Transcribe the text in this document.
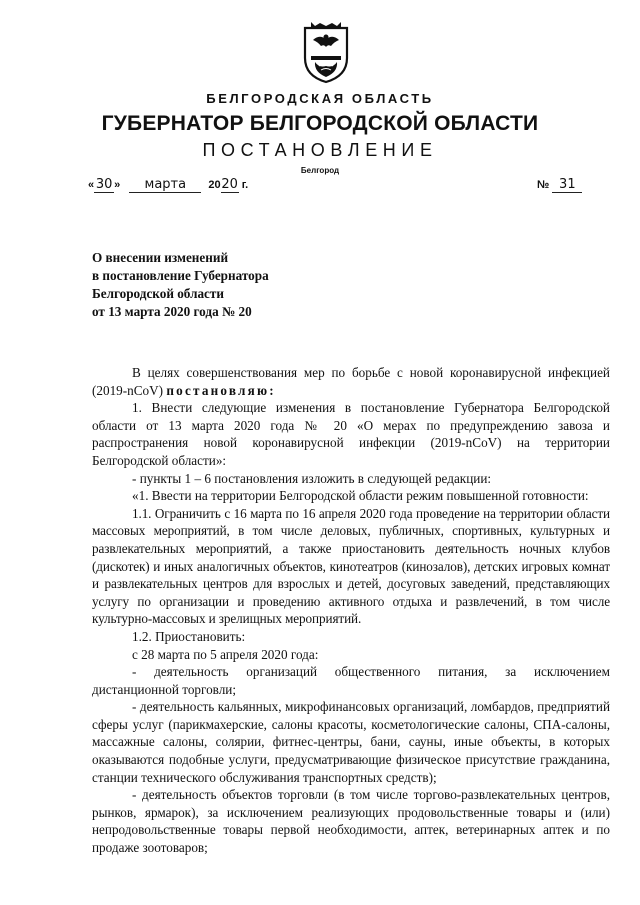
БЕЛГОРОДСКАЯ ОБЛАСТЬ
ГУБЕРНАТОР БЕЛГОРОДСКОЙ ОБЛАСТИ
ПОСТАНОВЛЕНИЕ
Белгород
« 30 » марта 2020 г.	№ 31
О внесении изменений
в постановление Губернатора
Белгородской области
от 13 марта 2020 года № 20

В целях совершенствования мер по борьбе с новой коронавирусной инфекцией (2019-nCoV) постановляю:

1. Внести следующие изменения в постановление Губернатора Белгородской области от 13 марта 2020 года № 20 «О мерах по предупреждению завоза и распространения новой коронавирусной инфекции (2019-nCoV) на территории Белгородской области»:

- пункты 1 – 6 постановления изложить в следующей редакции:

«1. Ввести на территории Белгородской области режим повышенной готовности:

1.1. Ограничить с 16 марта по 16 апреля 2020 года проведение на территории области массовых мероприятий, в том числе деловых, публичных, спортивных, культурных и развлекательных мероприятий, а также приостановить деятельность ночных клубов (дискотек) и иных аналогичных объектов, кинотеатров (кинозалов), детских игровых комнат и развлекательных центров для взрослых и детей, досуговых заведений, представляющих услугу по организации и проведению активного отдыха и развлечений, в том числе культурно-массовых и зрелищных мероприятий.

1.2. Приостановить:

с 28 марта по 5 апреля 2020 года:

- деятельность организаций общественного питания, за исключением дистанционной торговли;

- деятельность кальянных, микрофинансовых организаций, ломбардов, предприятий сферы услуг (парикмахерские, салоны красоты, косметологические салоны, СПА-салоны, массажные салоны, солярии, фитнес-центры, бани, сауны, иные объекты, в которых оказываются подобные услуги, предусматривающие физическое присутствие гражданина, станции технического обслуживания транспортных средств);

- деятельность объектов торговли (в том числе торгово-развлекательных центров, рынков, ярмарок), за исключением реализующих продовольственные товары и (или) непродовольственные товары первой необходимости, аптек, ветеринарных аптек и по продаже зоотоваров;
